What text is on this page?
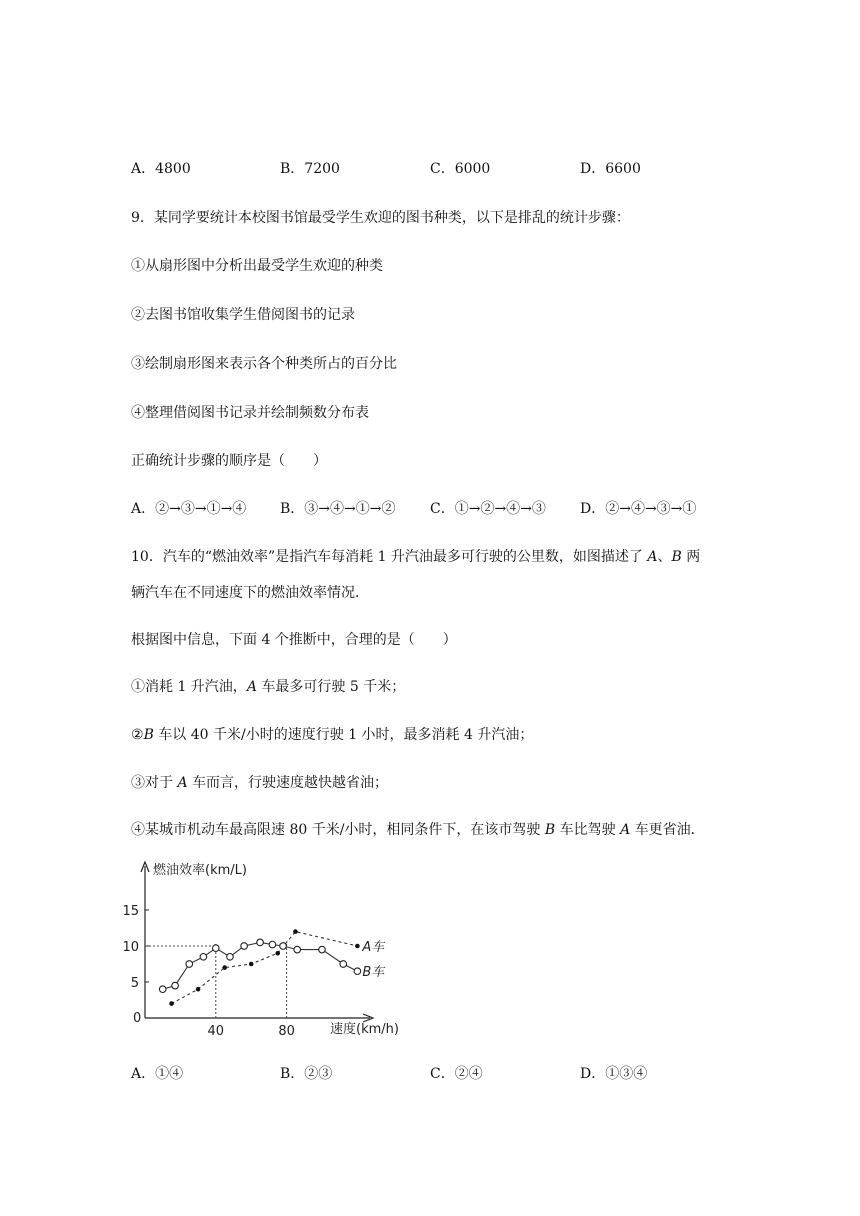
A．4800	B．7200	C．6000	D．6600
9．某同学要统计本校图书馆最受学生欢迎的图书种类，以下是排乱的统计步骤：
①从扇形图中分析出最受学生欢迎的种类
②去图书馆收集学生借阅图书的记录
③绘制扇形图来表示各个种类所占的百分比
④整理借阅图书记录并绘制频数分布表
正确统计步骤的顺序是（　　）
A．②→③→①→④ B．③→④→①→② C．①→②→④→③ D．②→④→③→①
10．汽车的“燃油效率”是指汽车每消耗 1 升汽油最多可行驶的公里数，如图描述了 A、B 两
辆汽车在不同速度下的燃油效率情况．
根据图中信息，下面 4 个推断中，合理的是（　　）
①消耗 1 升汽油，A 车最多可行驶 5 千米；
②B 车以 40 千米/小时的速度行驶 1 小时，最多消耗 4 升汽油；
③对于 A 车而言，行驶速度越快越省油；
④某城市机动车最高限速 80 千米/小时，相同条件下，在该市驾驶 B 车比驾驶 A 车更省油．
燃油效率(km/L)
速度(km/h)
0
5
10
15
40	80
A车
B车
A．①④	B．②③	C．②④	D．①③④
